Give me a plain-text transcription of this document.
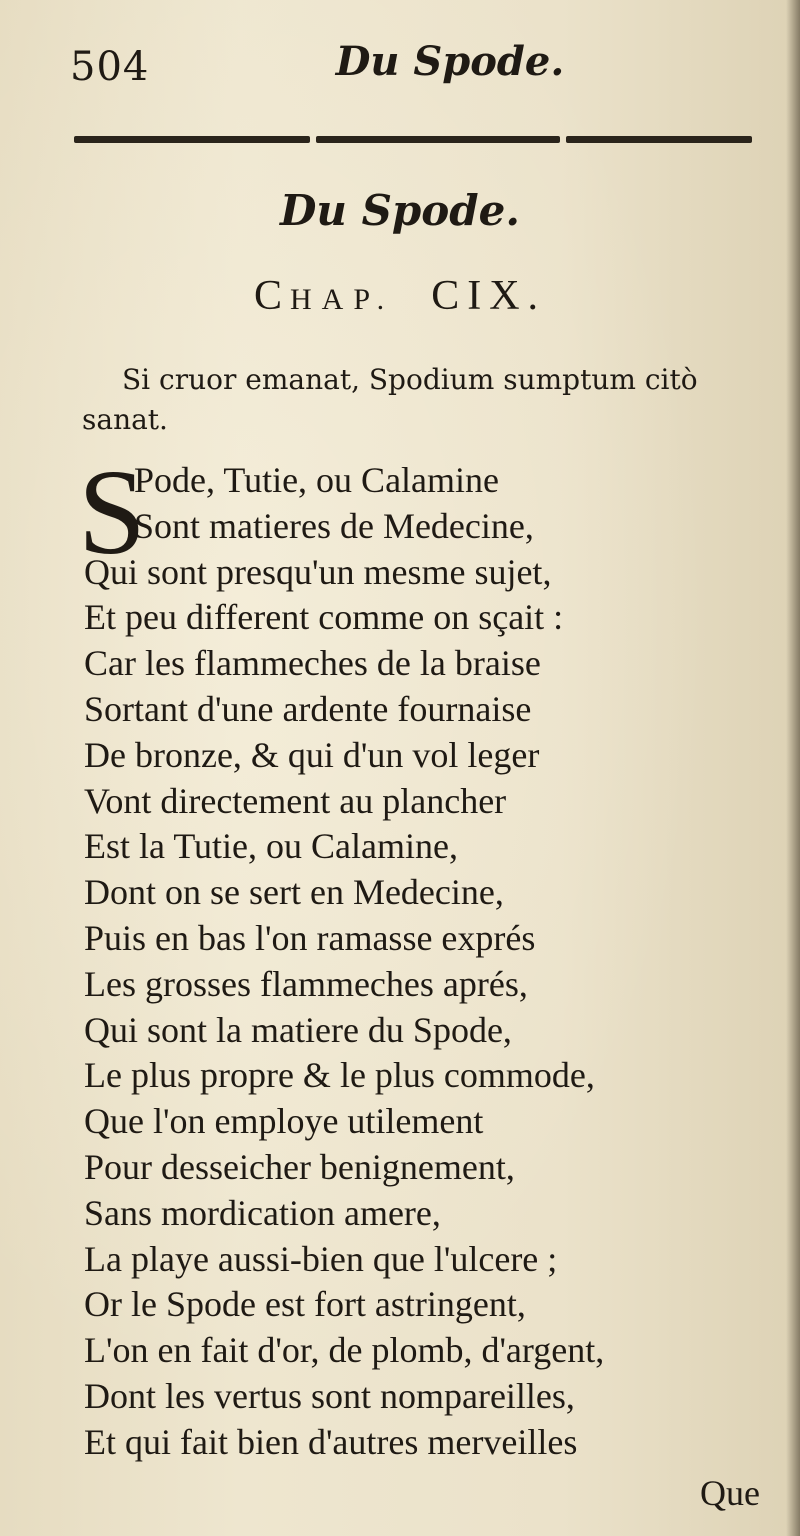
504	Du Spode.
Du Spode.
CHAP. CIX.
Si cruor emanat, Spodium sumptum citò
sanat.
S
Pode, Tutie, ou Calamine
Sont matieres de Medecine,
Qui sont presqu'un mesme sujet,
Et peu different comme on sçait :
Car les flammeches de la braise
Sortant d'une ardente fournaise
De bronze, & qui d'un vol leger
Vont directement au plancher
Est la Tutie, ou Calamine,
Dont on se sert en Medecine,
Puis en bas l'on ramasse exprés
Les grosses flammeches aprés,
Qui sont la matiere du Spode,
Le plus propre & le plus commode,
Que l'on employe utilement
Pour desseicher benignement,
Sans mordication amere,
La playe aussi-bien que l'ulcere ;
Or le Spode est fort astringent,
L'on en fait d'or, de plomb, d'argent,
Dont les vertus sont nompareilles,
Et qui fait bien d'autres merveilles
Que
